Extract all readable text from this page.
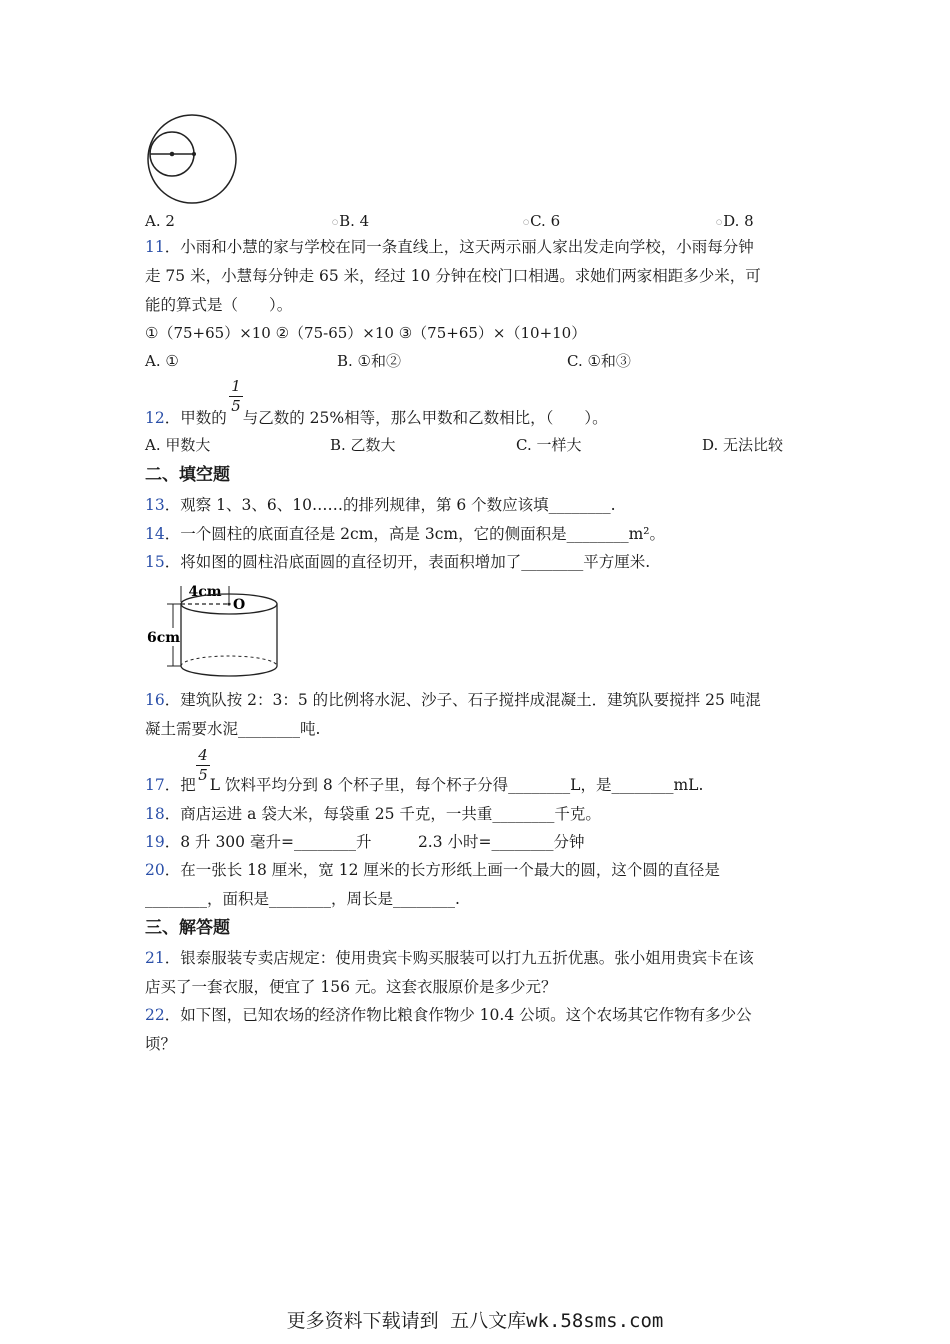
A. 2	○B. 4	○C. 6	○D. 8
11．小雨和小慧的家与学校在同一条直线上，这天两示丽人家出发走向学校，小雨每分钟
走 75 米，小慧每分钟走 65 米，经过 10 分钟在校门口相遇。求她们两家相距多少米，可
能的算式是（　　）。
①（75+65）×10 ②（75-65）×10 ③（75+65）×（10+10）
A. ①	B. ①和②	C. ①和③
1
5
12．甲数的 与乙数的 25%相等，那么甲数和乙数相比，（　　）。
A. 甲数大	B. 乙数大	C. 一样大	D. 无法比较
二、填空题
13．观察 1、3、6、10……的排列规律，第 6 个数应该填________.
14．一个圆柱的底面直径是 2cm，高是 3cm，它的侧面积是________m²。
15．将如图的圆柱沿底面圆的直径切开，表面积增加了________平方厘米.
4cm
O
6cm
16．建筑队按 2：3：5 的比例将水泥、沙子、石子搅拌成混凝土．建筑队要搅拌 25 吨混
凝土需要水泥________吨.
4
5
17．把 L 饮料平均分到 8 个杯子里，每个杯子分得________L，是________mL.
18．商店运进 a 袋大米，每袋重 25 千克，一共重________千克。
19．8 升 300 毫升=________升　　　2.3 小时=________分钟
20．在一张长 18 厘米，宽 12 厘米的长方形纸上画一个最大的圆，这个圆的直径是
________，面积是________，周长是________.
三、解答题
21．银泰服装专卖店规定：使用贵宾卡购买服装可以打九五折优惠。张小姐用贵宾卡在该
店买了一套衣服，便宜了 156 元。这套衣服原价是多少元？
22．如下图，已知农场的经济作物比粮食作物少 10.4 公顷。这个农场其它作物有多少公
顷？
更多资料下载请到 五八文库wk.58sms.com
